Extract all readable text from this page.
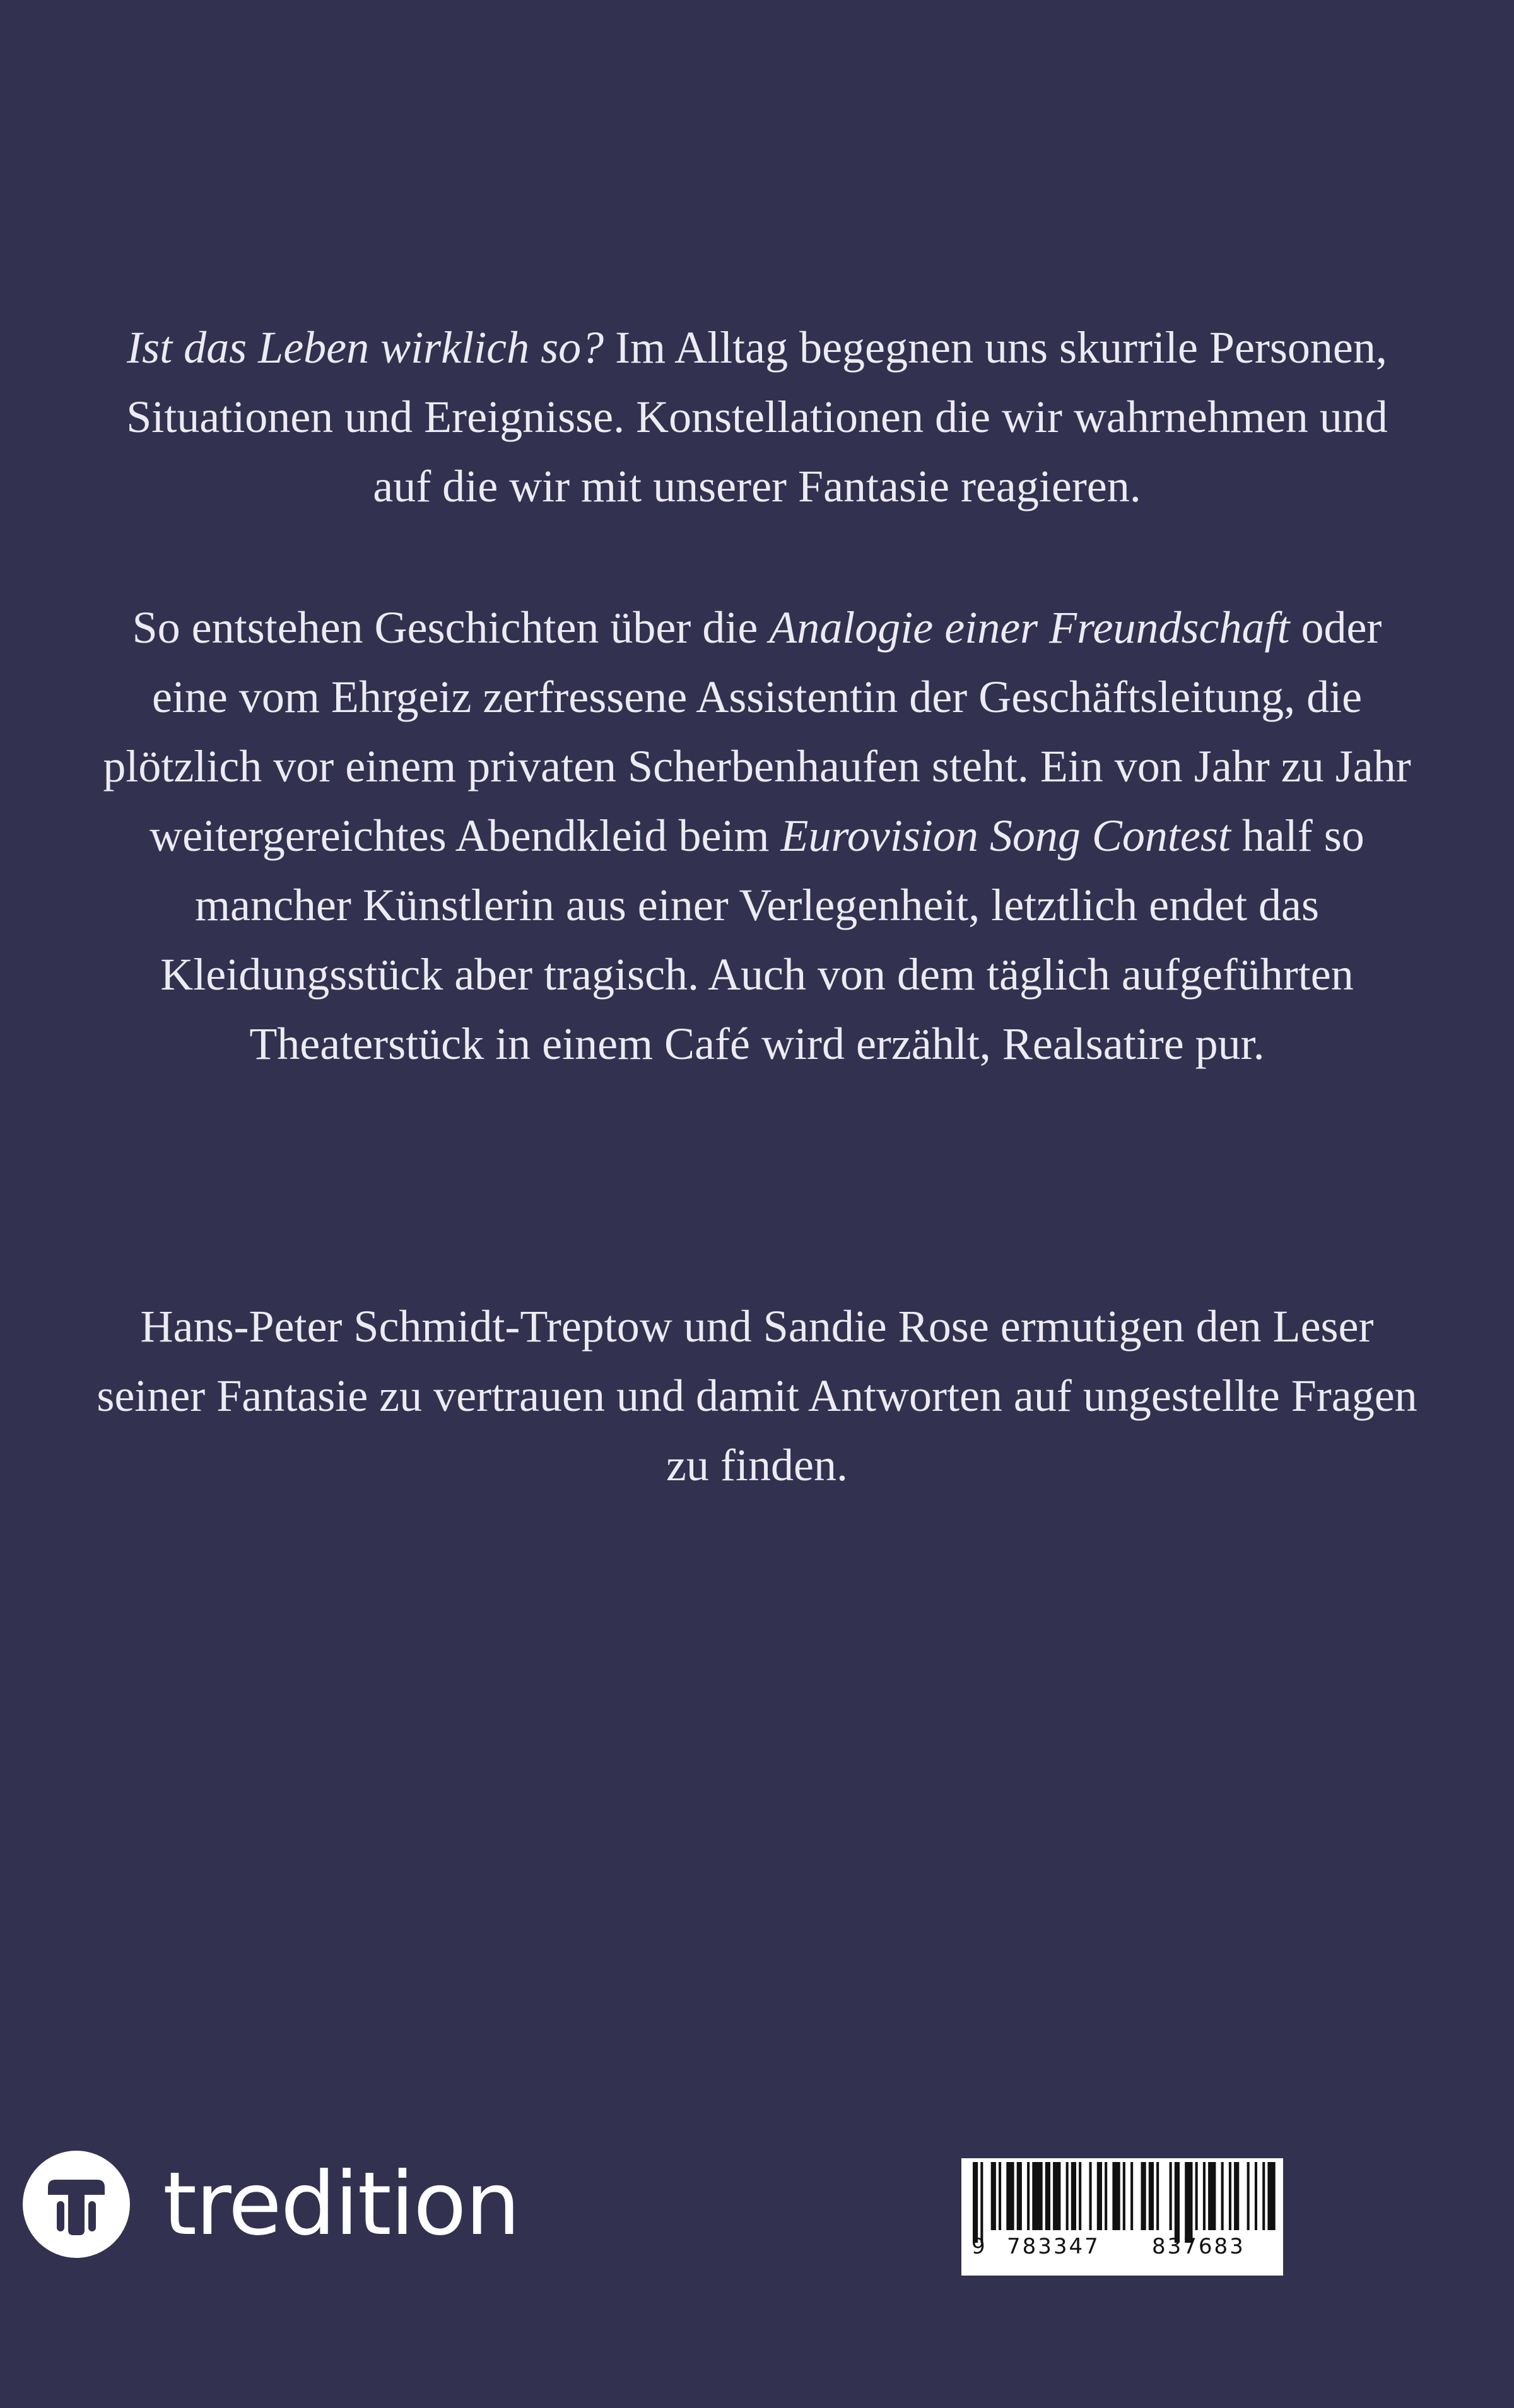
Ist das Leben wirklich so? Im Alltag begegnen uns skurrile Personen, Situationen und Ereignisse. Konstellationen die wir wahrnehmen und auf die wir mit unserer Fantasie reagieren.

So entstehen Geschichten über die Analogie einer Freundschaft oder eine vom Ehrgeiz zerfressene Assistentin der Geschäftsleitung, die plötzlich vor einem privaten Scherbenhaufen steht. Ein von Jahr zu Jahr weitergereichtes Abendkleid beim Eurovision Song Contest half so mancher Künstlerin aus einer Verlegenheit, letztlich endet das Kleidungsstück aber tragisch. Auch von dem täglich aufgeführten Theaterstück in einem Café wird erzählt, Realsatire pur.

Hans-Peter Schmidt-Treptow und Sandie Rose ermutigen den Leser seiner Fantasie zu vertrauen und damit Antworten auf ungestellte Fragen zu finden.

tredition	9 783347 837683
